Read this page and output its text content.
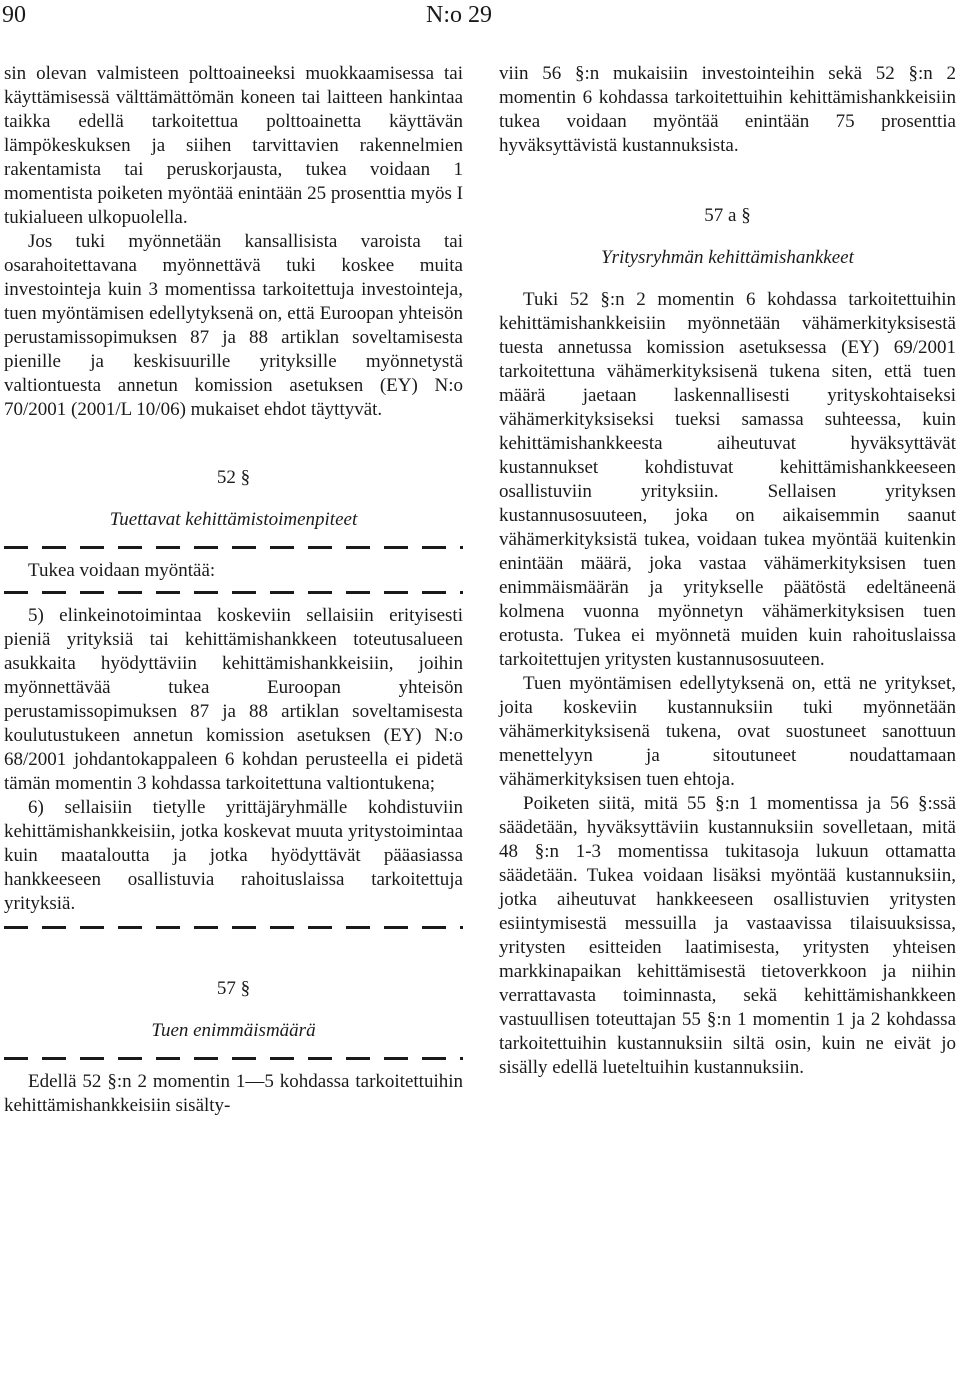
90	N:o 29

sin olevan valmisteen polttoaineeksi muokkaamisessa tai käyttämisessä välttämättömän koneen tai laitteen hankintaa taikka edellä tarkoitettua polttoainetta käyttävän lämpökeskuksen ja siihen tarvittavien rakennelmien rakentamista tai peruskorjausta, tukea voidaan 1 momentista poiketen myöntää enintään 25 prosenttia myös I tukialueen ulkopuolella.

Jos tuki myönnetään kansallisista varoista tai osarahoitettavana myönnettävä tuki koskee muita investointeja kuin 3 momentissa tarkoitettuja investointeja, tuen myöntämisen edellytyksenä on, että Euroopan yhteisön perustamissopimuksen 87 ja 88 artiklan soveltamisesta pienille ja keskisuurille yrityksille myönnetystä valtiontuesta annetun komission asetuksen (EY) N:o 70/2001 (2001/L 10/06) mukaiset ehdot täyttyvät.

52 §
Tuettavat kehittämistoimenpiteet

Tukea voidaan myöntää:

5) elinkeinotoimintaa koskeviin sellaisiin erityisesti pieniä yrityksiä tai kehittämishankkeen toteutusalueen asukkaita hyödyttäviin kehittämishankkeisiin, joihin myönnettävää tukea Euroopan yhteisön perustamissopimuksen 87 ja 88 artiklan soveltamisesta koulutustukeen annetun komission asetuksen (EY) N:o 68/2001 johdantokappaleen 6 kohdan perusteella ei pidetä tämän momentin 3 kohdassa tarkoitettuna valtiontukena;

6) sellaisiin tietylle yrittäjäryhmälle kohdistuviin kehittämishankkeisiin, jotka koskevat muuta yritystoimintaa kuin maataloutta ja jotka hyödyttävät pääasiassa hankkeeseen osallistuvia rahoituslaissa tarkoitettuja yrityksiä.

57 §
Tuen enimmäismäärä

Edellä 52 §:n 2 momentin 1—5 kohdassa tarkoitettuihin kehittämishankkeisiin sisälty-

viin 56 §:n mukaisiin investointeihin sekä 52 §:n 2 momentin 6 kohdassa tarkoitettuihin kehittämishankkeisiin tukea voidaan myöntää enintään 75 prosenttia hyväksyttävistä kustannuksista.

57 a §
Yritysryhmän kehittämishankkeet

Tuki 52 §:n 2 momentin 6 kohdassa tarkoitettuihin kehittämishankkeisiin myönnetään vähämerkityksisestä tuesta annetussa komission asetuksessa (EY) 69/2001 tarkoitettuna vähämerkityksisenä tukena siten, että tuen määrä jaetaan laskennallisesti yrityskohtaiseksi vähämerkityksiseksi tueksi samassa suhteessa, kuin kehittämishankkeesta aiheutuvat hyväksyttävät kustannukset kohdistuvat kehittämishankkeeseen osallistuviin yrityksiin. Sellaisen yrityksen kustannusosuuteen, joka on aikaisemmin saanut vähämerkityksistä tukea, voidaan tukea myöntää kuitenkin enintään määrä, joka vastaa vähämerkityksisen tuen enimmäismäärän ja yritykselle päätöstä edeltäneenä kolmena vuonna myönnetyn vähämerkityksisen tuen erotusta. Tukea ei myönnetä muiden kuin rahoituslaissa tarkoitettujen yritysten kustannusosuuteen.

Tuen myöntämisen edellytyksenä on, että ne yritykset, joita koskeviin kustannuksiin tuki myönnetään vähämerkityksisenä tukena, ovat suostuneet sanottuun menettelyyn ja sitoutuneet noudattamaan vähämerkityksisen tuen ehtoja.

Poiketen siitä, mitä 55 §:n 1 momentissa ja 56 §:ssä säädetään, hyväksyttäviin kustannuksiin sovelletaan, mitä 48 §:n 1-3 momentissa tukitasoja lukuun ottamatta säädetään. Tukea voidaan lisäksi myöntää kustannuksiin, jotka aiheutuvat hankkeeseen osallistuvien yritysten esiintymisestä messuilla ja vastaavissa tilaisuuksissa, yritysten esitteiden laatimisesta, yritysten yhteisen markkinapaikan kehittämisestä tietoverkkoon ja niihin verrattavasta toiminnasta, sekä kehittämishankkeen vastuullisen toteuttajan 55 §:n 1 momentin 1 ja 2 kohdassa tarkoitettuihin kustannuksiin siltä osin, kuin ne eivät jo sisälly edellä lueteltuihin kustannuksiin.
